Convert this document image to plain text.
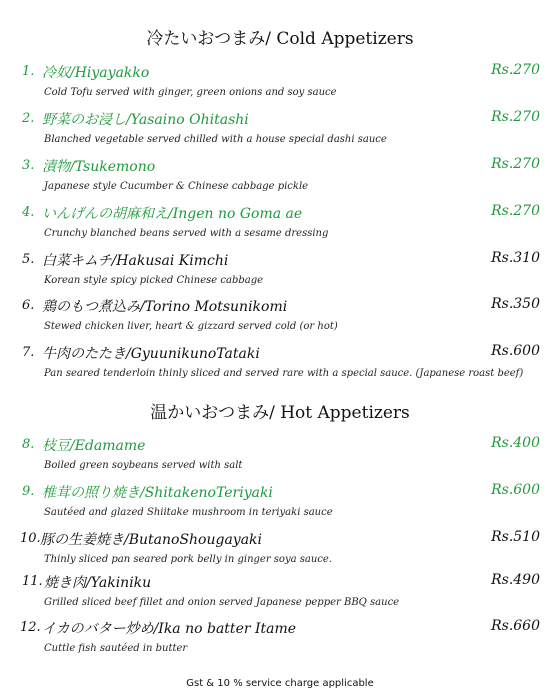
冷たいおつまみ/ Cold Appetizers
1. 冷奴/Hiyayakko	Rs.270
Cold Tofu served with ginger, green onions and soy sauce
2. 野菜のお浸し/Yasaino Ohitashi	Rs.270
Blanched vegetable served chilled with a house special dashi sauce
3. 漬物/Tsukemono	Rs.270
Japanese style Cucumber & Chinese cabbage pickle
4. いんげんの胡麻和え/Ingen no Goma ae	Rs.270
Crunchy blanched beans served with a sesame dressing
5. 白菜キムチ/Hakusai Kimchi	Rs.310
Korean style spicy picked Chinese cabbage
6. 鶏のもつ煮込み/Torino Motsunikomi	Rs.350
Stewed chicken liver, heart & gizzard served cold (or hot)
7. 牛肉のたたき/GyuunikunoTataki	Rs.600
Pan seared tenderloin thinly sliced and served rare with a special sauce. (Japanese roast beef)
温かいおつまみ/ Hot Appetizers
8. 枝豆/Edamame	Rs.400
Boiled green soybeans served with salt
9. 椎茸の照り焼き/ShitakenoTeriyaki	Rs.600
Sautéed and glazed Shiitake mushroom in teriyaki sauce
10. 豚の生姜焼き/ButanoShougayaki	Rs.510
Thinly sliced pan seared pork belly in ginger soya sauce.
11. 焼き肉/Yakiniku	Rs.490
Grilled sliced beef fillet and onion served Japanese pepper BBQ sauce
12. イカのバター炒め/Ika no batter Itame	Rs.660
Cuttle fish sautéed in butter
Gst & 10 % service charge applicable
